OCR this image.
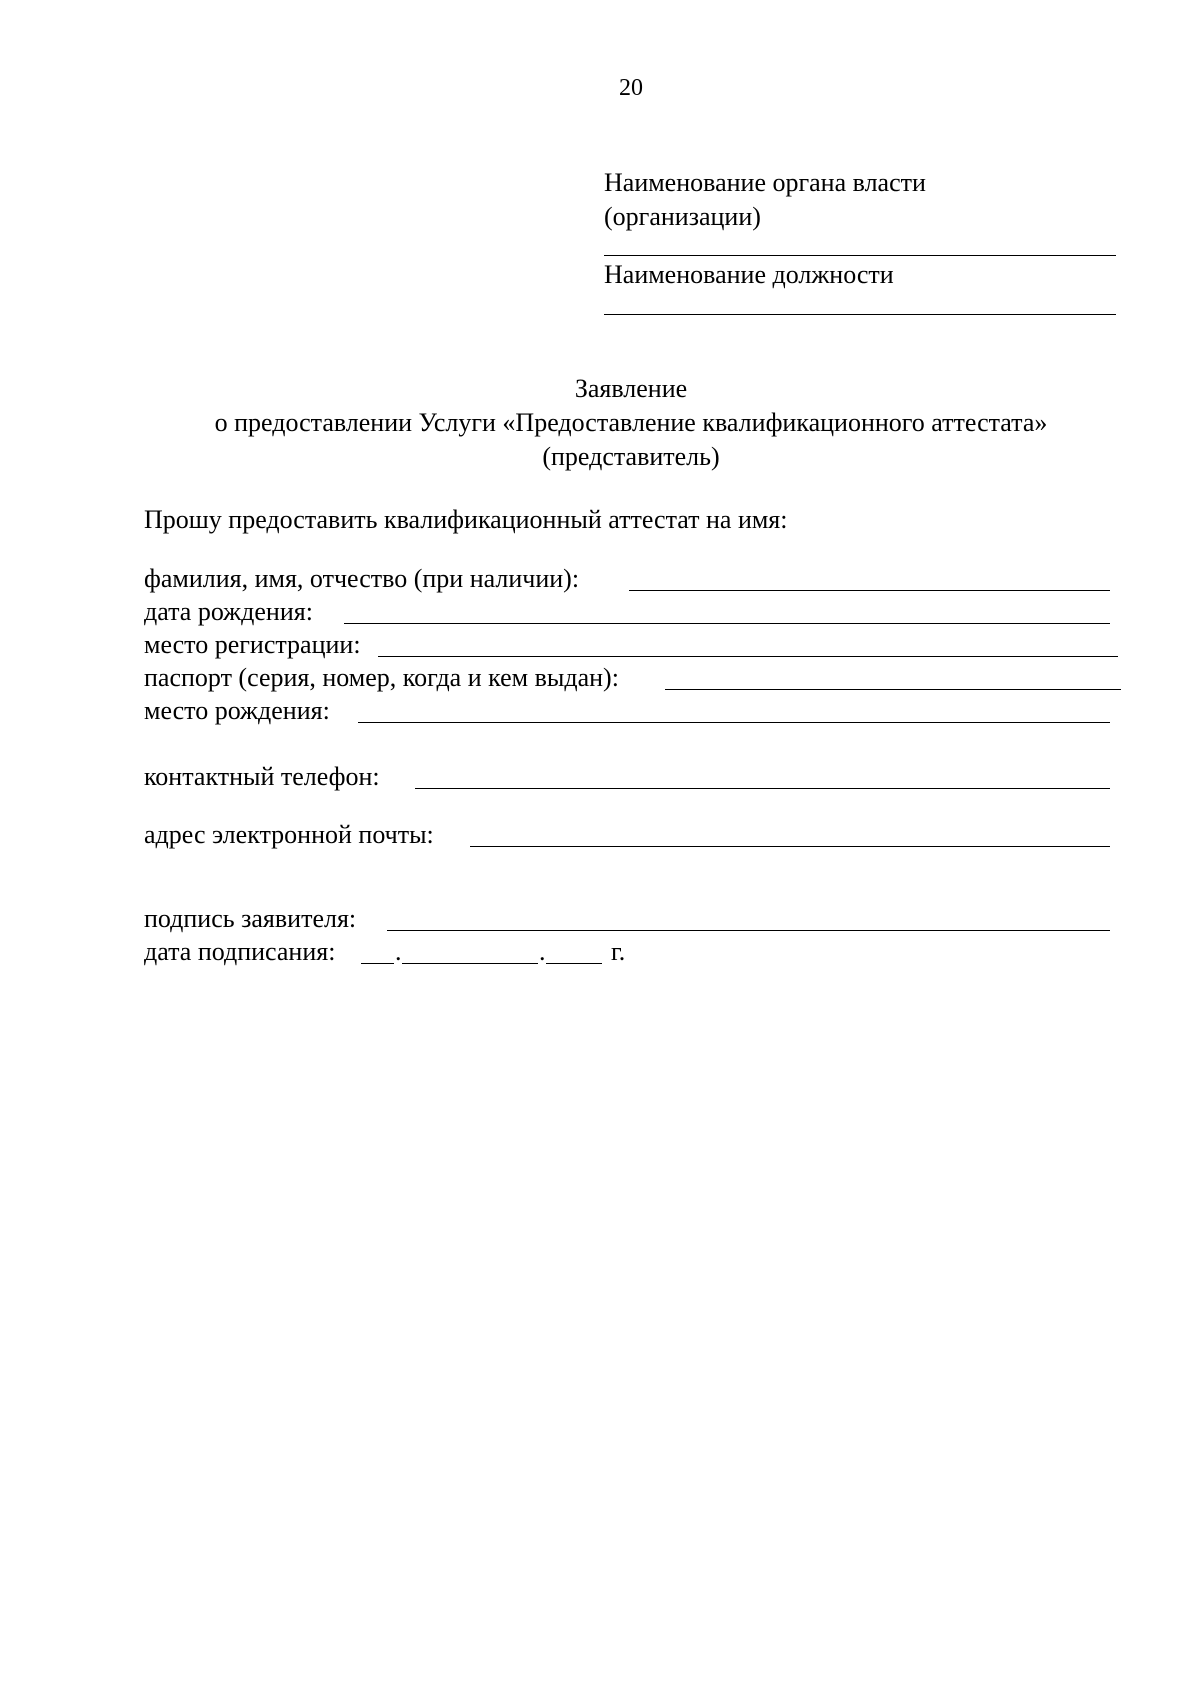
20
Наименование органа власти
(организации)
Наименование должности
Заявление
о предоставлении Услуги «Предоставление квалификационного аттестата»
(представитель)
Прошу предоставить квалификационный аттестат на имя:
фамилия, имя, отчество (при наличии):
дата рождения:
место регистрации:
паспорт (серия, номер, когда и кем выдан):
место рождения:
контактный телефон:
адрес электронной почты:
подпись заявителя:
дата подписания: .	.	г.
